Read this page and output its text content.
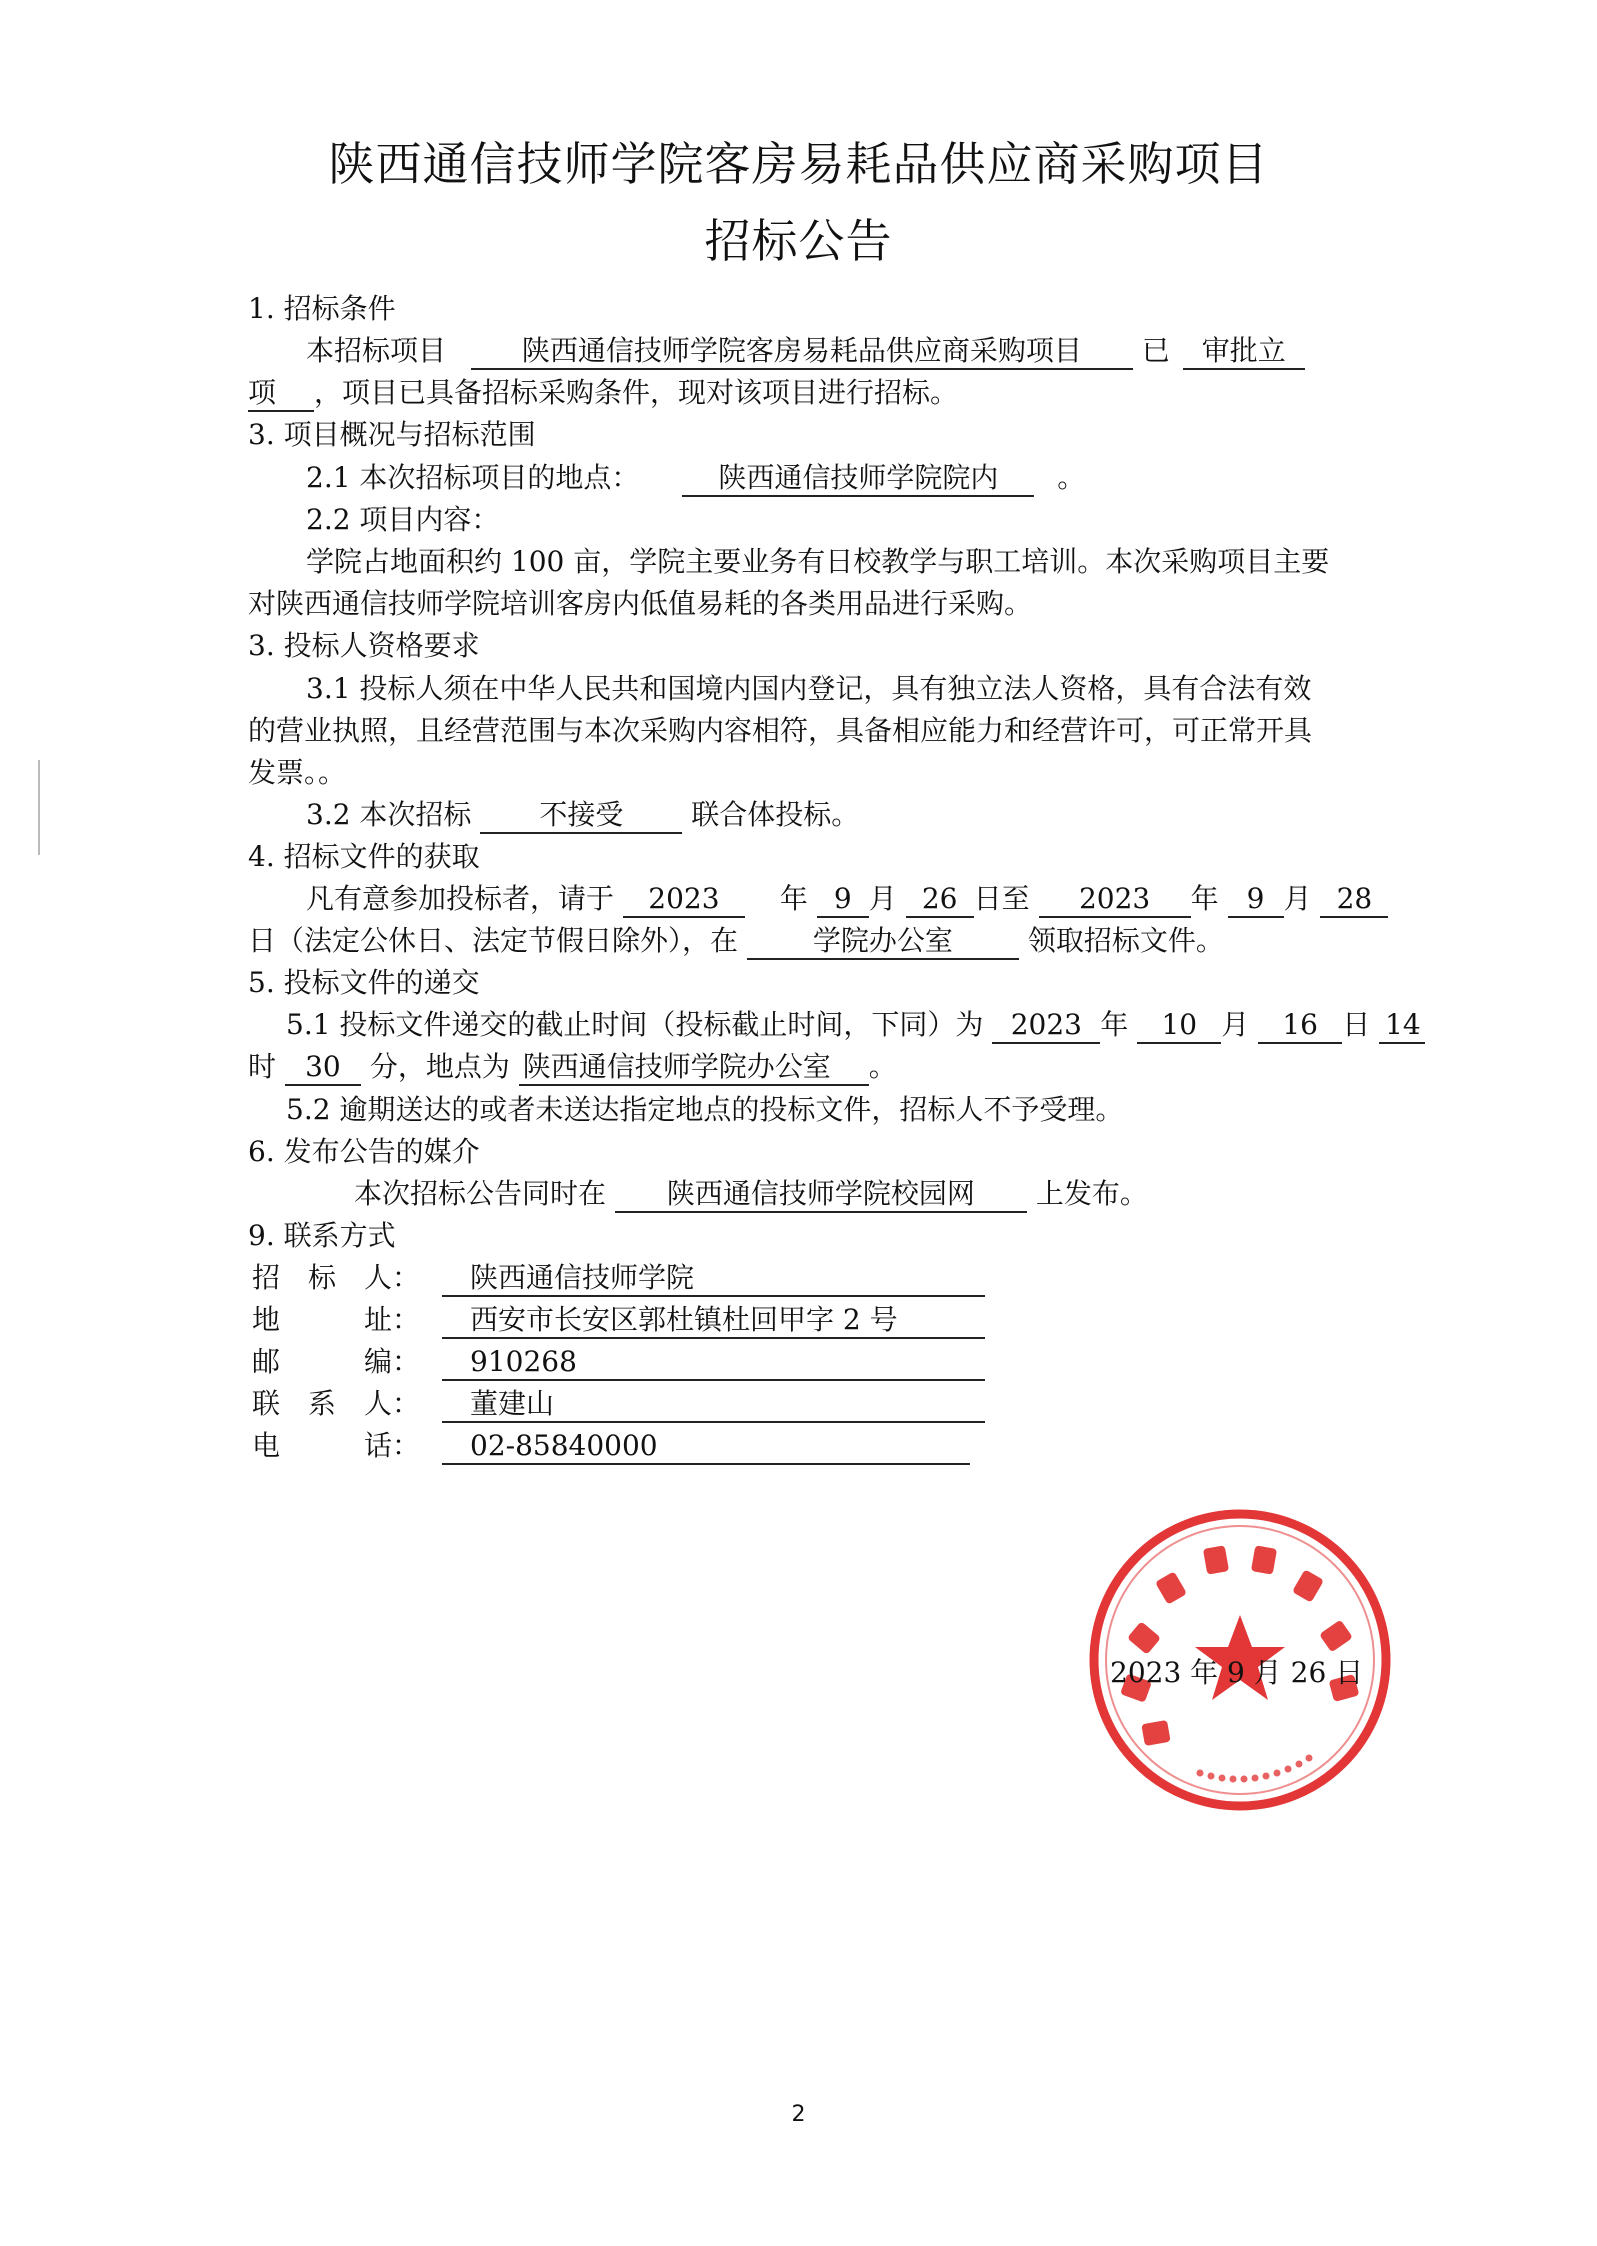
陕西通信技师学院客房易耗品供应商采购项目
招标公告
1. 招标条件
本招标项目	陕西通信技师学院客房易耗品供应商采购项目 已 审批立
项 ，项目已具备招标采购条件，现对该项目进行招标。
3. 项目概况与招标范围
2.1 本次招标项目的地点：	陕西通信技师学院院内 。
2.2 项目内容：
学院占地面积约 100 亩，学院主要业务有日校教学与职工培训。本次采购项目主要
对陕西通信技师学院培训客房内低值易耗的各类用品进行采购。
3. 投标人资格要求
3.1 投标人须在中华人民共和国境内国内登记，具有独立法人资格，具有合法有效
的营业执照，且经营范围与本次采购内容相符，具备相应能力和经营许可，可正常开具
发票。。
3.2 本次招标 不接受 联合体投标。
4. 招标文件的获取
凡有意参加投标者，请于 2023 年 9 月 26 日至 2023 年 9 月 28
日（法定公休日、法定节假日除外），在	学院办公室	领取招标文件。
5. 投标文件的递交
5.1 投标文件递交的截止时间（投标截止时间，下同）为 2023 年 10 月 16 日 14
时 30 分，地点为 陕西通信技师学院办公室 。
5.2 逾期送达的或者未送达指定地点的投标文件，招标人不予受理。
6. 发布公告的媒介
本次招标公告同时在 陕西通信技师学院校园网 上发布。
9. 联系方式
招　标　人： 陕西通信技师学院
地　　　址： 西安市长安区郭杜镇杜回甲字 2 号
邮　　　编： 910268
联　系　人： 董建山
电　　　话： 02-85840000
2023 年 9 月 26 日
2
